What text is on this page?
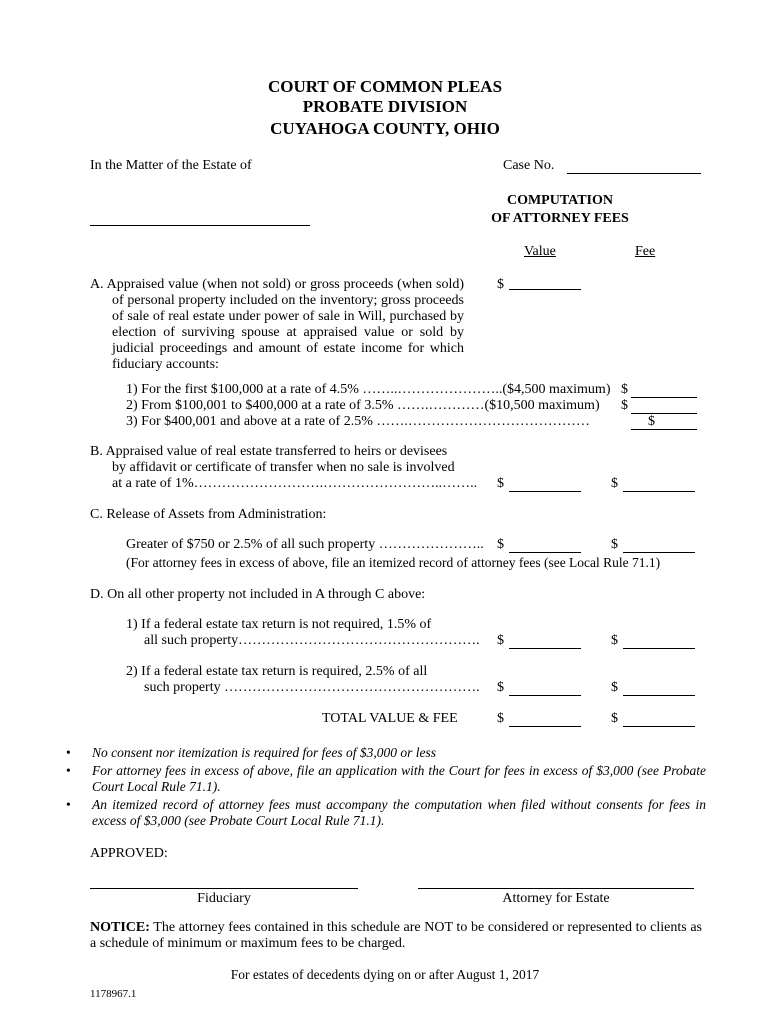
COURT OF COMMON PLEAS
PROBATE DIVISION
CUYAHOGA COUNTY, OHIO
In the Matter of the Estate of	Case No.
COMPUTATION
OF ATTORNEY FEES
Value	Fee
A. Appraised value (when not sold) or gross proceeds (when sold) of personal property included on the inventory; gross proceeds of sale of real estate under power of sale in Will, purchased by election of surviving spouse at appraised value or sold by judicial proceedings and amount of estate income for which fiduciary accounts:
$
1) For the first $100,000 at a rate of 4.5% ……..…………………..($4,500 maximum) $
2) From $100,001 to $400,000 at a rate of 3.5% …….…………($10,500 maximum) $
3) For $400,001 and above at a rate of 2.5% …….…………………………………	$
B. Appraised value of real estate transferred to heirs or devisees
by affidavit or certificate of transfer when no sale is involved
at a rate of 1%……………………….……………………..…….. $	$
C. Release of Assets from Administration:
Greater of $750 or 2.5% of all such property ………………….. $	$
(For attorney fees in excess of above, file an itemized record of attorney fees (see Local Rule 71.1)
D. On all other property not included in A through C above:
1) If a federal estate tax return is not required, 1.5% of
all such property……………………………………………. $	$
2) If a federal estate tax return is required, 2.5% of all
such property ………………………………………………. $	$
TOTAL VALUE & FEE	$	$
• No consent nor itemization is required for fees of $3,000 or less
• For attorney fees in excess of above, file an application with the Court for fees in excess of $3,000 (see Probate Court Local Rule 71.1).
• An itemized record of attorney fees must accompany the computation when filed without consents for fees in excess of $3,000 (see Probate Court Local Rule 71.1).
APPROVED:
Fiduciary	Attorney for Estate
NOTICE: The attorney fees contained in this schedule are NOT to be considered or represented to clients as a schedule of minimum or maximum fees to be charged.
For estates of decedents dying on or after August 1, 2017
1178967.1
